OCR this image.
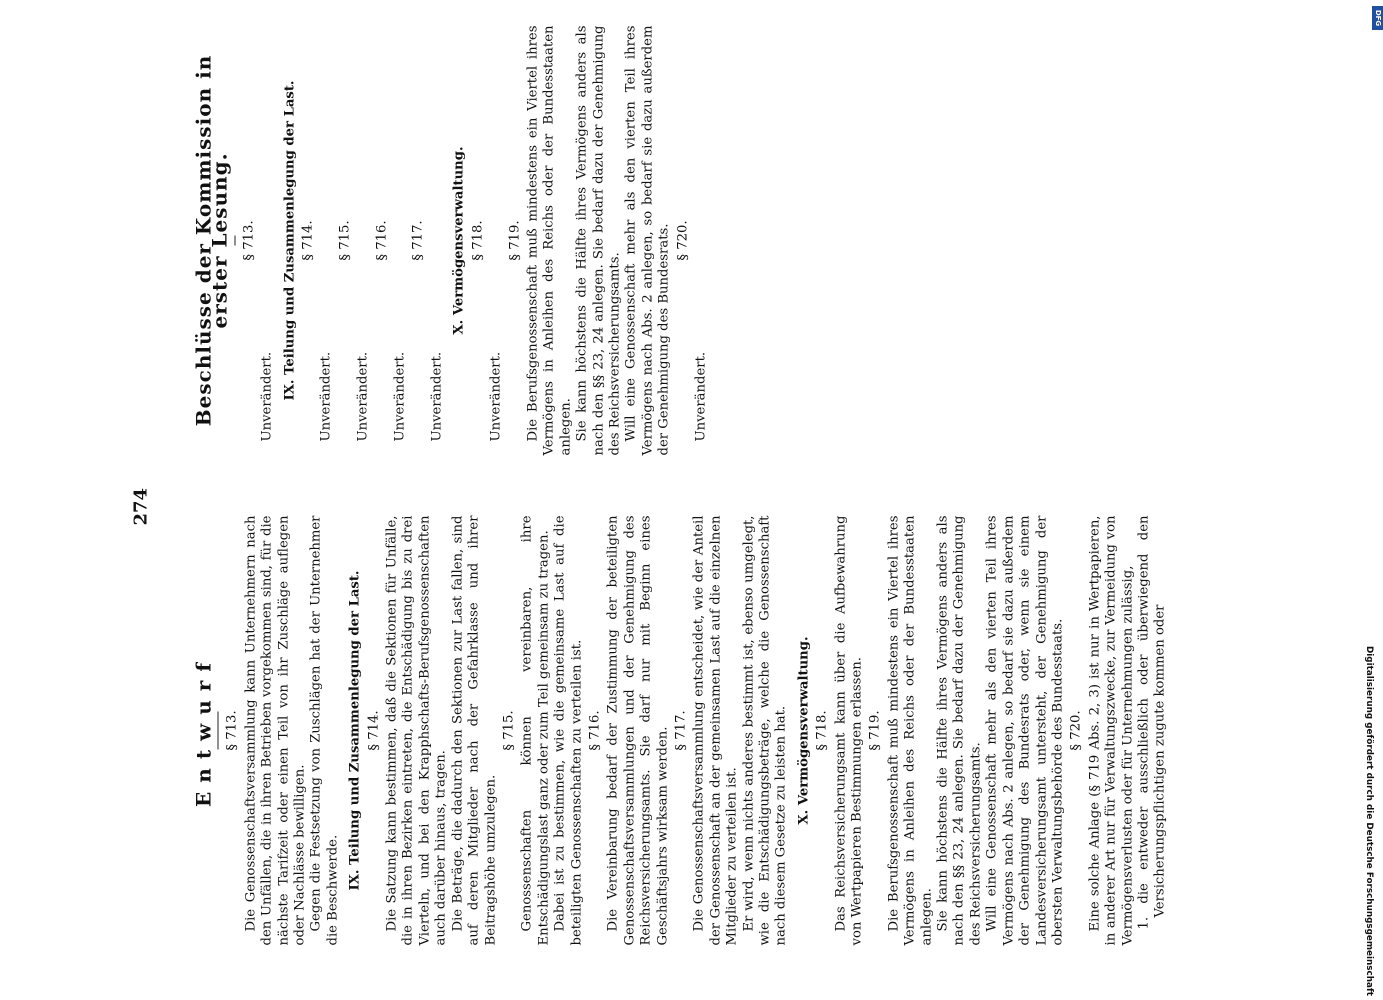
274
Entwurf § 713. Die Genossenschaftsversammlung kann Unternehmern nach den Unfällen, die in ihren Betrieben vorgekommen sind, für die nächste Tarifzeit oder einen Teil von ihr Zuschläge auflegen oder Nachlässe bewilligen. Gegen die Festsetzung von Zuschlägen hat der Unternehmer die Beschwerde. IX. Teilung und Zusammenlegung der Last. § 714. Die Satzung kann bestimmen, daß die Sektionen für Unfälle, die in ihren Bezirken eintreten, die Entschädigung bis zu drei Vierteln, und bei den Krapphschafts-Berufsgenossenschaften auch darüber hinaus, tragen. Die Beträge, die dadurch den Sektionen zur Last fallen, sind auf deren Mitglieder nach der Gefahrklasse und ihrer Beitragshöhe umzulegen.

§ 715. Genossenschaften können vereinbaren, ihre Entschädigungslast ganz oder zum Teil gemeinsam zu tragen. Dabei ist zu bestimmen, wie die gemeinsame Last auf die beteiligten Genossenschaften zu verteilen ist. § 716. Die Vereinbarung bedarf der Zustimmung der beteiligten Genossenschaftsversammlungen und der Genehmigung des Reichsversicherungsamts. Sie darf nur mit Beginn eines Geschäftsjahrs wirksam werden. § 717. Die Genossenschaftsversammlung entscheidet, wie der Anteil der Genossenschaft an der gemeinsamen Last auf die einzelnen Mitglieder zu verteilen ist. Er wird, wenn nichts anderes bestimmt ist, ebenso umgelegt, wie die Entschädigungsbeträge, welche die Genossenschaft nach diesem Gesetze zu leisten hat. X. Vermögensverwaltung. § 718. Das Reichsversicherungsamt kann über die Aufbewahrung von Wertpapieren Bestimmungen erlassen. § 719. Die Berufsgenossenschaft muß mindestens ein Viertel ihres Vermögens in Anleihen des Reichs oder der Bundesstaaten anlegen. Sie kann höchstens die Hälfte ihres Vermögens anders als nach den §§ 23, 24 anlegen. Sie bedarf dazu der Genehmigung des Reichsversicherungsamts. Will eine Genossenschaft mehr als den vierten Teil ihres Vermögens nach Abs. 2 anlegen, so bedarf sie dazu außerdem der Genehmigung des Bundesrats oder, wenn sie einem Landesversicherungsamt untersteht, der Genehmigung der obersten Verwaltungsbehörde des Bundesstaats. § 720. Eine solche Anlage (§ 719 Abs. 2, 3) ist nur in Wertpapieren, in anderer Art nur für Verwaltungszwecke, zur Vermeidung von Vermögensverlusten oder für Unternehmungen zulässig, 1. die entweder ausschließlich oder überwiegend den Versicherungspflichtigen zugute kommen oder

Beschlüsse der Kommission in erster Lesung. § 713.

Unverändert. IX. Teilung und Zusammenlegung der Last. § 714.

Unverändert.

§ 715.

Unverändert.

§ 716.

Unverändert.

§ 717.

Unverändert.

X. Vermögensverwaltung. § 718.

Unverändert.

§ 719. Die Berufsgenossenschaft muß mindestens ein Viertel ihres Vermögens in Anleihen des Reichs oder der Bundesstaaten anlegen. Sie kann höchstens die Hälfte ihres Vermögens anders als nach den §§ 23, 24 anlegen. Sie bedarf dazu der Genehmigung des Reichsversicherungsamts. Will eine Genossenschaft mehr als den vierten Teil ihres Vermögens nach Abs. 2 anlegen, so bedarf sie dazu außerdem der Genehmigung des Bundesrats. § 720.

Unverändert.

Digitalisierung gefördert durch die Deutsche Forschungsgemeinschaft
DFG
